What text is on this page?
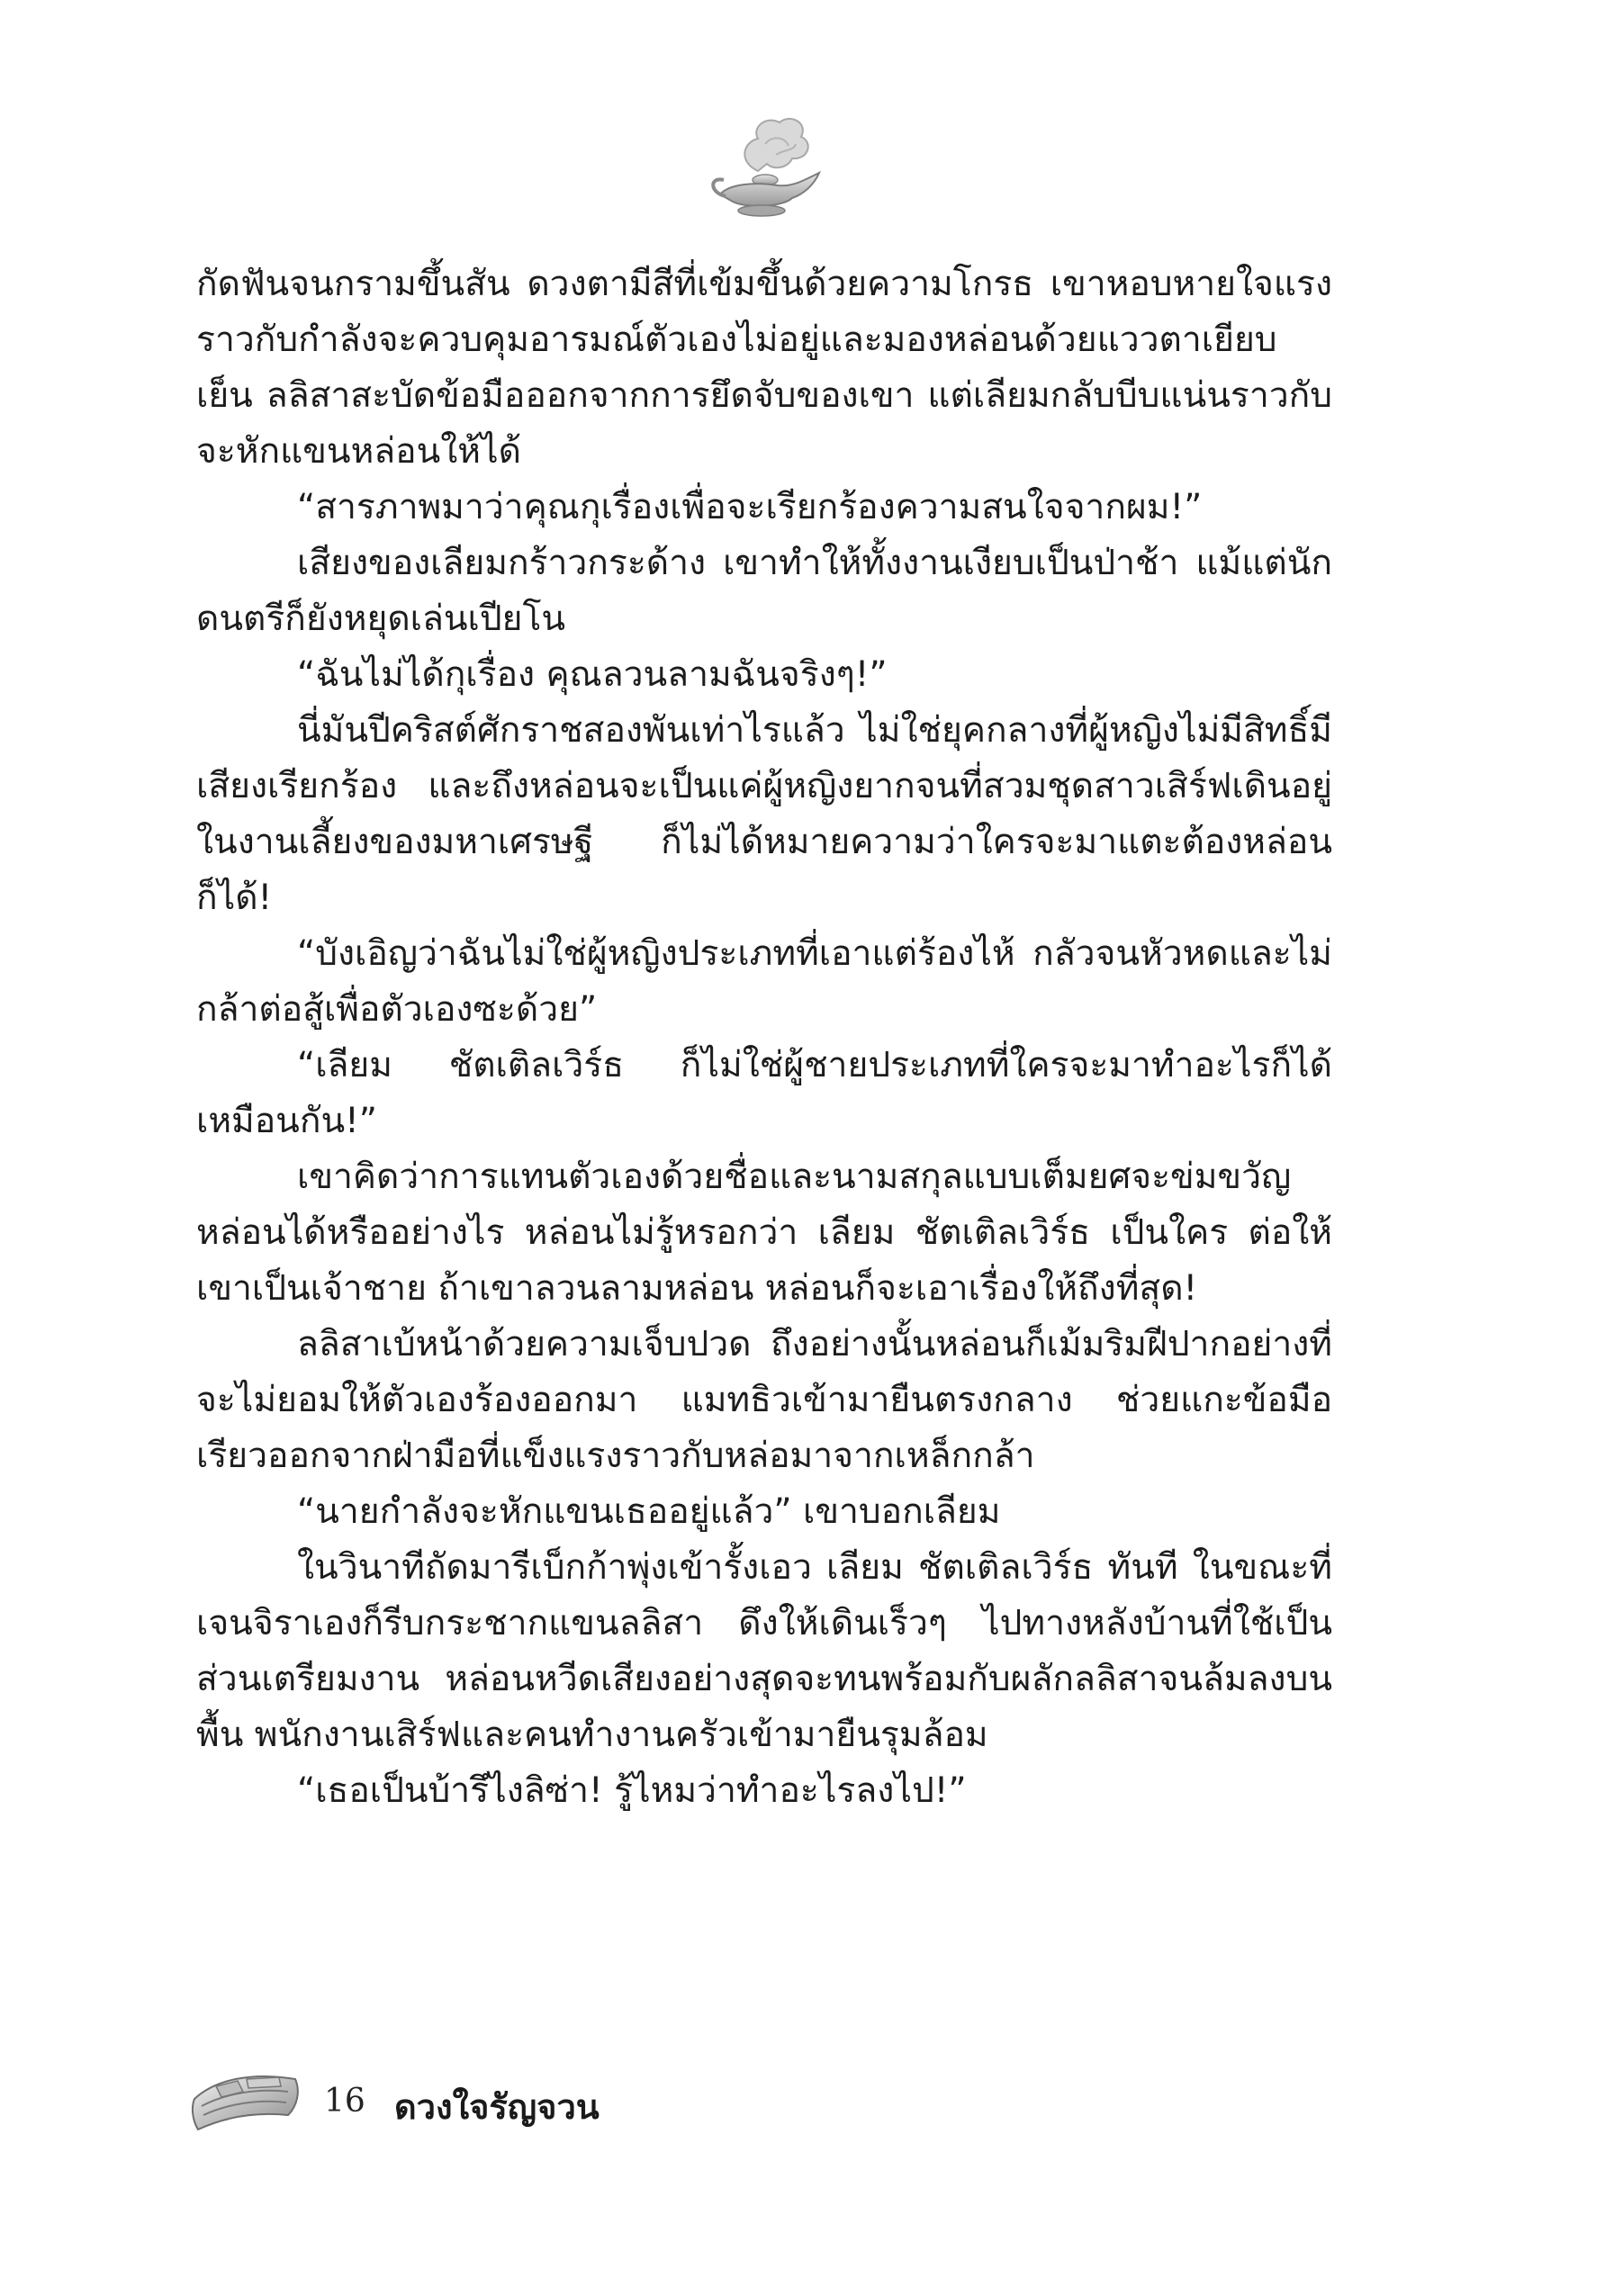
กัดฟันจนกรามขึ้นสัน ดวงตามีสีที่เข้มขึ้นด้วยความโกรธ เขาหอบหายใจแรงราวกับกำลังจะควบคุมอารมณ์ตัวเองไม่อยู่และมองหล่อนด้วยแววตาเยียบเย็น ลลิสาสะบัดข้อมือออกจากการยึดจับของเขา แต่เลียมกลับบีบแน่นราวกับจะหักแขนหล่อนให้ได้

“สารภาพมาว่าคุณกุเรื่องเพื่อจะเรียกร้องความสนใจจากผม!”

เสียงของเลียมกร้าวกระด้าง เขาทำให้ทั้งงานเงียบเป็นป่าช้า แม้แต่นักดนตรีก็ยังหยุดเล่นเปียโน

“ฉันไม่ได้กุเรื่อง คุณลวนลามฉันจริงๆ!”

นี่มันปีคริสต์ศักราชสองพันเท่าไรแล้ว ไม่ใช่ยุคกลางที่ผู้หญิงไม่มีสิทธิ์มีเสียงเรียกร้อง และถึงหล่อนจะเป็นแค่ผู้หญิงยากจนที่สวมชุดสาวเสิร์ฟเดินอยู่ในงานเลี้ยงของมหาเศรษฐี ก็ไม่ได้หมายความว่าใครจะมาแตะต้องหล่อนก็ได้!

“บังเอิญว่าฉันไม่ใช่ผู้หญิงประเภทที่เอาแต่ร้องไห้ กลัวจนหัวหดและไม่กล้าต่อสู้เพื่อตัวเองซะด้วย”

“เลียม ชัตเติลเวิร์ธ ก็ไม่ใช่ผู้ชายประเภทที่ใครจะมาทำอะไรก็ได้เหมือนกัน!”

เขาคิดว่าการแทนตัวเองด้วยชื่อและนามสกุลแบบเต็มยศจะข่มขวัญหล่อนได้หรืออย่างไร หล่อนไม่รู้หรอกว่า เลียม ชัตเติลเวิร์ธ เป็นใคร ต่อให้เขาเป็นเจ้าชาย ถ้าเขาลวนลามหล่อน หล่อนก็จะเอาเรื่องให้ถึงที่สุด!

ลลิสาเบ้หน้าด้วยความเจ็บปวด ถึงอย่างนั้นหล่อนก็เม้มริมฝีปากอย่างที่จะไม่ยอมให้ตัวเองร้องออกมา แมทธิวเข้ามายืนตรงกลาง ช่วยแกะข้อมือเรียวออกจากฝ่ามือที่แข็งแรงราวกับหล่อมาจากเหล็กกล้า

“นายกำลังจะหักแขนเธออยู่แล้ว” เขาบอกเลียม

ในวินาทีถัดมารีเบ็กก้าพุ่งเข้ารั้งเอว เลียม ชัตเติลเวิร์ธ ทันที ในขณะที่เจนจิราเองก็รีบกระชากแขนลลิสา ดึงให้เดินเร็วๆ ไปทางหลังบ้านที่ใช้เป็นส่วนเตรียมงาน หล่อนหวีดเสียงอย่างสุดจะทนพร้อมกับผลักลลิสาจนล้มลงบนพื้น พนักงานเสิร์ฟและคนทำงานครัวเข้ามายืนรุมล้อม

“เธอเป็นบ้ารึไงลิซ่า! รู้ไหมว่าทำอะไรลงไป!”

16 ดวงใจรัญจวน
